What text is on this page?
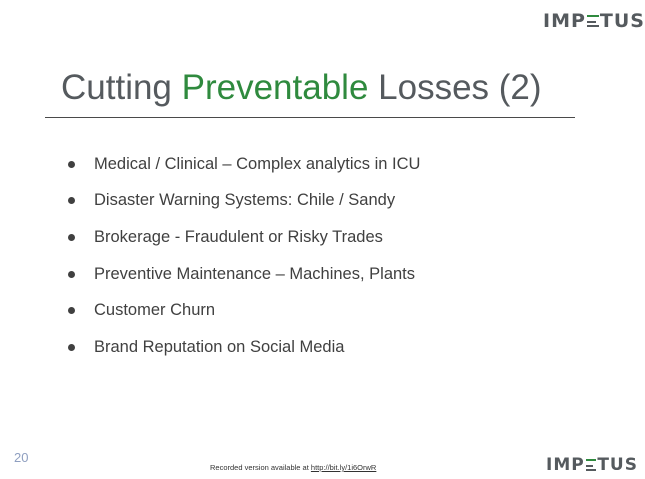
IMP TUS
Cutting Preventable Losses (2)
Medical / Clinical – Complex analytics in ICU
Disaster Warning Systems: Chile / Sandy
Brokerage - Fraudulent or Risky Trades
Preventive Maintenance – Machines, Plants
Customer Churn
Brand Reputation on Social Media
20
Recorded version available at http://bit.ly/1i6OrwR	IMP TUS
